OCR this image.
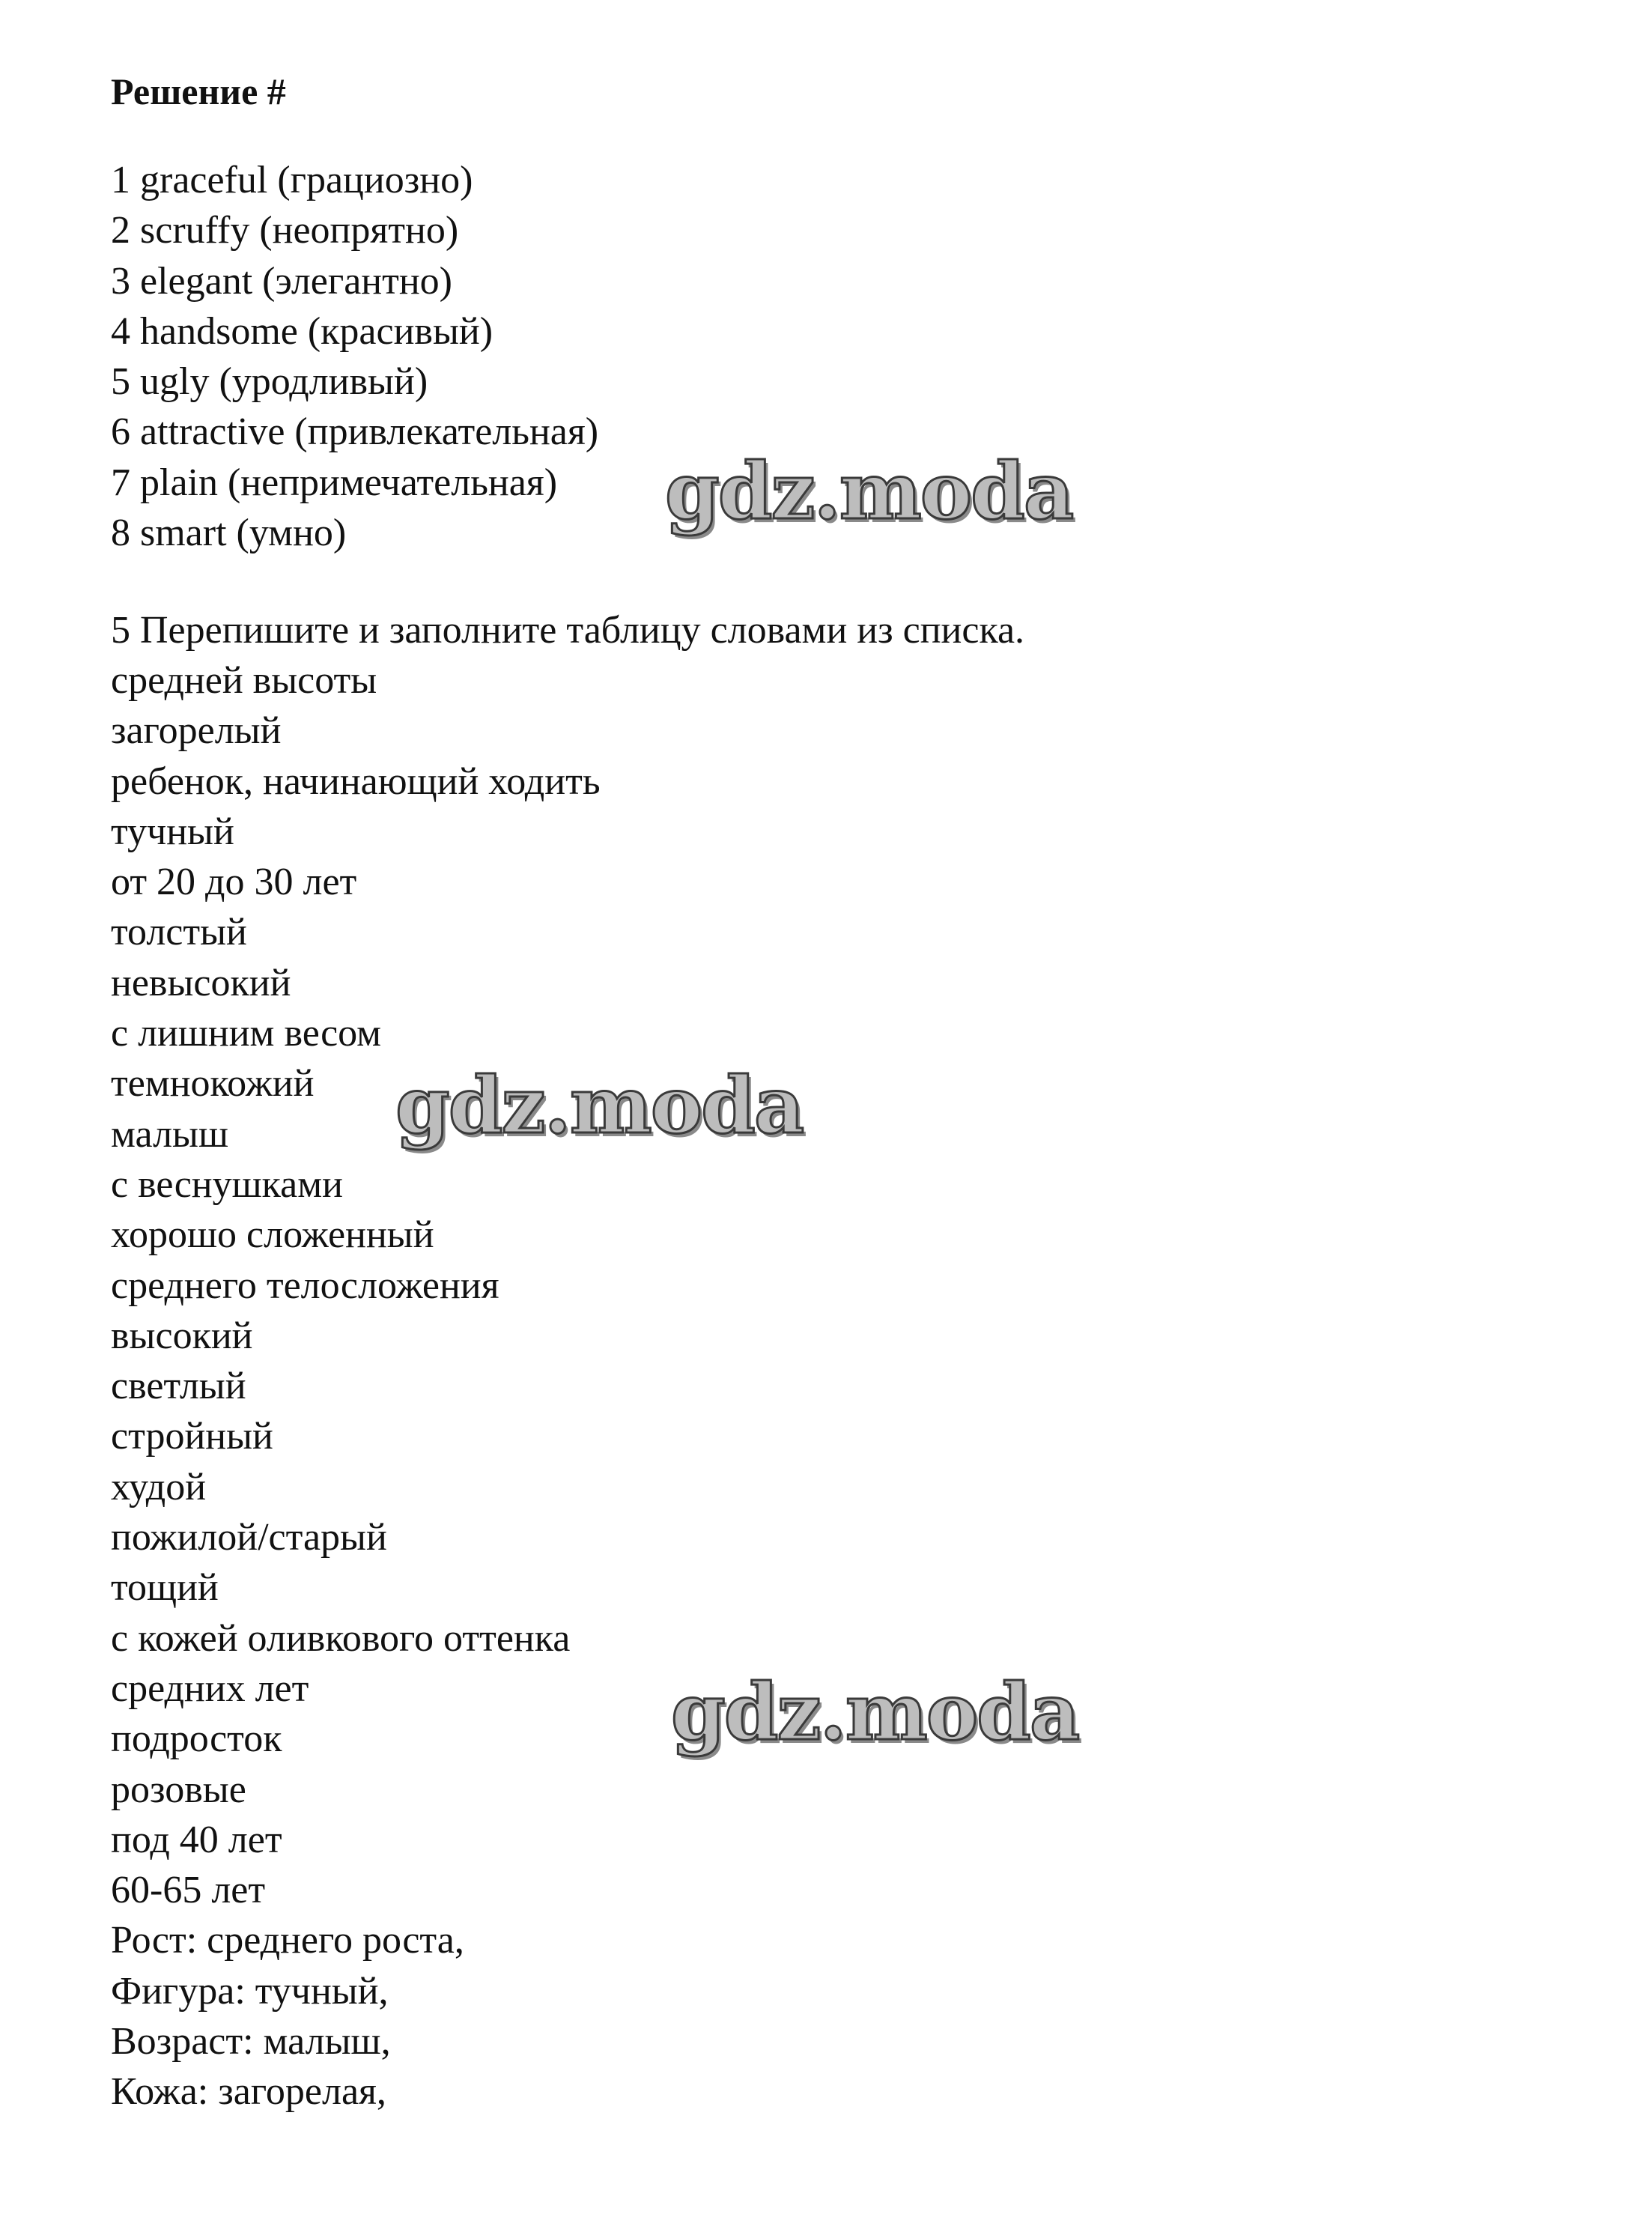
Решение #
1 graceful (грациозно)
2 scruffy (неопрятно)
3 elegant (элегантно)
4 handsome (красивый)
5 ugly (уродливый)
6 attractive (привлекательная)
7 plain (непримечательная)
8 smart (умно)
5 Перепишите и заполните таблицу словами из списка.
средней высоты
загорелый
ребенок, начинающий ходить
тучный
от 20 до 30 лет
толстый
невысокий
с лишним весом
темнокожий
малыш
с веснушками
хорошо сложенный
среднего телосложения
высокий
светлый
стройный
худой
пожилой/старый
тощий
с кожей оливкового оттенка
средних лет
подросток
розовые
под 40 лет
60-65 лет
Рост: среднего роста,
Фигура: тучный,
Возраст: малыш,
Кожа: загорелая,
gdz.moda
gdz.moda
gdz.moda
